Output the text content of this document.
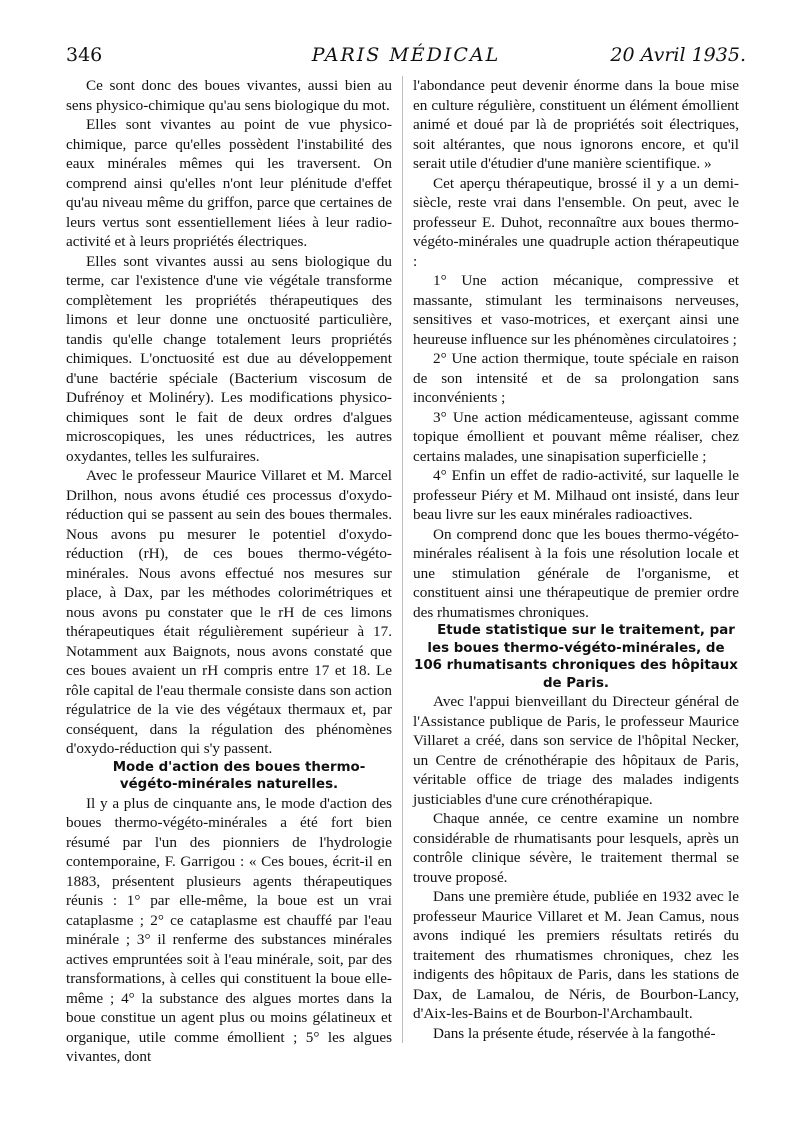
346	PARIS MÉDICAL	20 Avril 1935.

Ce sont donc des boues vivantes, aussi bien au sens physico-chimique qu'au sens biologique du mot.

Elles sont vivantes au point de vue physico-chimique, parce qu'elles possèdent l'instabilité des eaux minérales mêmes qui les traversent. On comprend ainsi qu'elles n'ont leur plénitude d'effet qu'au niveau même du griffon, parce que certaines de leurs vertus sont essentiellement liées à leur radio-activité et à leurs propriétés électriques.

Elles sont vivantes aussi au sens biologique du terme, car l'existence d'une vie végétale transforme complètement les propriétés thérapeutiques des limons et leur donne une onctuosité particulière, tandis qu'elle change totalement leurs propriétés chimiques. L'onctuosité est due au développement d'une bactérie spéciale (Bacterium viscosum de Dufrénoy et Molinéry). Les modifications physico-chimiques sont le fait de deux ordres d'algues microscopiques, les unes réductrices, les autres oxydantes, telles les sulfuraires.

Avec le professeur Maurice Villaret et M. Marcel Drilhon, nous avons étudié ces processus d'oxydo-réduction qui se passent au sein des boues thermales. Nous avons pu mesurer le potentiel d'oxydo-réduction (rH), de ces boues thermo-végéto-minérales. Nous avons effectué nos mesures sur place, à Dax, par les méthodes colorimétriques et nous avons pu constater que le rH de ces limons thérapeutiques était régulièrement supérieur à 17. Notamment aux Baignots, nous avons constaté que ces boues avaient un rH compris entre 17 et 18. Le rôle capital de l'eau thermale consiste dans son action régulatrice de la vie des végétaux thermaux et, par conséquent, dans la régulation des phénomènes d'oxydo-réduction qui s'y passent.

Mode d'action des boues thermo-végéto-minérales naturelles.

Il y a plus de cinquante ans, le mode d'action des boues thermo-végéto-minérales a été fort bien résumé par l'un des pionniers de l'hydrologie contemporaine, F. Garrigou : « Ces boues, écrit-il en 1883, présentent plusieurs agents thérapeutiques réunis : 1° par elle-même, la boue est un vrai cataplasme ; 2° ce cataplasme est chauffé par l'eau minérale ; 3° il renferme des substances minérales actives empruntées soit à l'eau minérale, soit, par des transformations, à celles qui constituent la boue elle-même ; 4° la substance des algues mortes dans la boue constitue un agent plus ou moins gélatineux et organique, utile comme émollient ; 5° les algues vivantes, dont

l'abondance peut devenir énorme dans la boue mise en culture régulière, constituent un élément émollient animé et doué par là de propriétés soit électriques, soit altérantes, que nous ignorons encore, et qu'il serait utile d'étudier d'une manière scientifique. »

Cet aperçu thérapeutique, brossé il y a un demi-siècle, reste vrai dans l'ensemble. On peut, avec le professeur E. Duhot, reconnaître aux boues thermo-végéto-minérales une quadruple action thérapeutique :

1° Une action mécanique, compressive et massante, stimulant les terminaisons nerveuses, sensitives et vaso-motrices, et exerçant ainsi une heureuse influence sur les phénomènes circulatoires ;

2° Une action thermique, toute spéciale en raison de son intensité et de sa prolongation sans inconvénients ;

3° Une action médicamenteuse, agissant comme topique émollient et pouvant même réaliser, chez certains malades, une sinapisation superficielle ;

4° Enfin un effet de radio-activité, sur laquelle le professeur Piéry et M. Milhaud ont insisté, dans leur beau livre sur les eaux minérales radioactives.

On comprend donc que les boues thermo-végéto-minérales réalisent à la fois une résolution locale et une stimulation générale de l'organisme, et constituent ainsi une thérapeutique de premier ordre des rhumatismes chroniques.

Etude statistique sur le traitement, par les boues thermo-végéto-minérales, de 106 rhumatisants chroniques des hôpitaux de Paris.

Avec l'appui bienveillant du Directeur général de l'Assistance publique de Paris, le professeur Maurice Villaret a créé, dans son service de l'hôpital Necker, un Centre de crénothérapie des hôpitaux de Paris, véritable office de triage des malades indigents justiciables d'une cure crénothérapique.

Chaque année, ce centre examine un nombre considérable de rhumatisants pour lesquels, après un contrôle clinique sévère, le traitement thermal se trouve proposé.

Dans une première étude, publiée en 1932 avec le professeur Maurice Villaret et M. Jean Camus, nous avons indiqué les premiers résultats retirés du traitement des rhumatismes chroniques, chez les indigents des hôpitaux de Paris, dans les stations de Dax, de Lamalou, de Néris, de Bourbon-Lancy, d'Aix-les-Bains et de Bourbon-l'Archambault.

Dans la présente étude, réservée à la fangothé-
